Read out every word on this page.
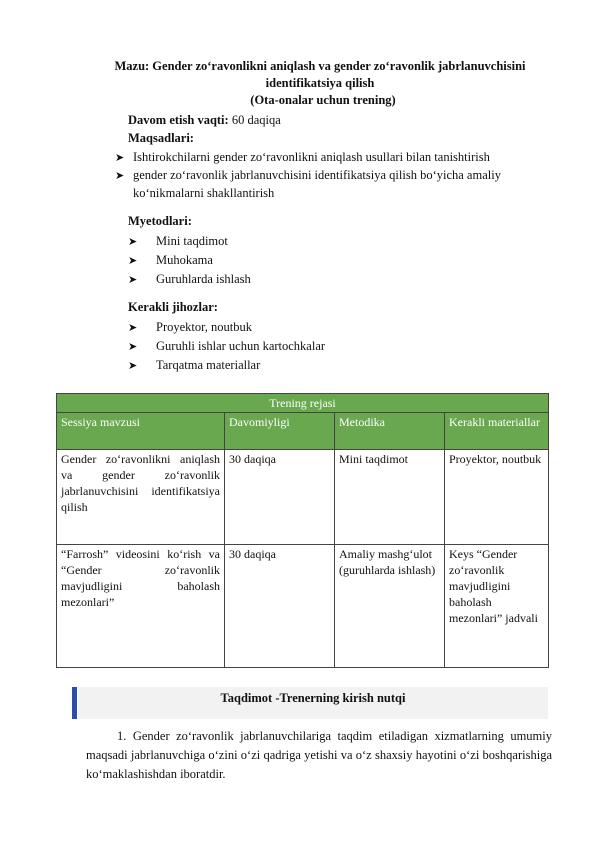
Mazu: Gender zo‘ravonlikni aniqlash va gender zo‘ravonlik jabrlanuvchisini
identifikatsiya qilish
(Ota-onalar uchun trening)
Davom etish vaqti: 60 daqiqa
Maqsadlari:
➤ Ishtirokchilarni gender zo‘ravonlikni aniqlash usullari bilan tanishtirish
➤ gender zo‘ravonlik jabrlanuvchisini identifikatsiya qilish bo‘yicha amaliy
ko‘nikmalarni shakllantirish
Myetodlari:
➤ Mini taqdimot
➤ Muhokama
➤ Guruhlarda ishlash
Kerakli jihozlar:
➤ Proyektor, noutbuk
➤ Guruhli ishlar uchun kartochkalar
➤ Tarqatma materiallar
Trening rejasi			
Sessiya mavzusi	Davomiyligi	Metodika	Kerakli materiallar
Gender zo‘ravonlikni aniqlash va gender zo‘ravonlik jabrlanuvchisini identifikatsiya qilish	30 daqiqa	Mini taqdimot	Proyektor, noutbuk
“Farrosh” videosini ko‘rish va “Gender zo‘ravonlik mavjudligini baholash mezonlari”	30 daqiqa	Amaliy mashg‘ulot (guruhlarda ishlash)	Keys “Gender zo‘ravonlik mavjudligini baholash mezonlari” jadvali
Taqdimot -Trenerning kirish nutqi
1. Gender zo‘ravonlik jabrlanuvchilariga taqdim etiladigan xizmatlarning umumiy maqsadi jabrlanuvchiga o‘zini o‘zi qadriga yetishi va o‘z shaxsiy hayotini o‘zi boshqarishiga ko‘maklashishdan iboratdir.
